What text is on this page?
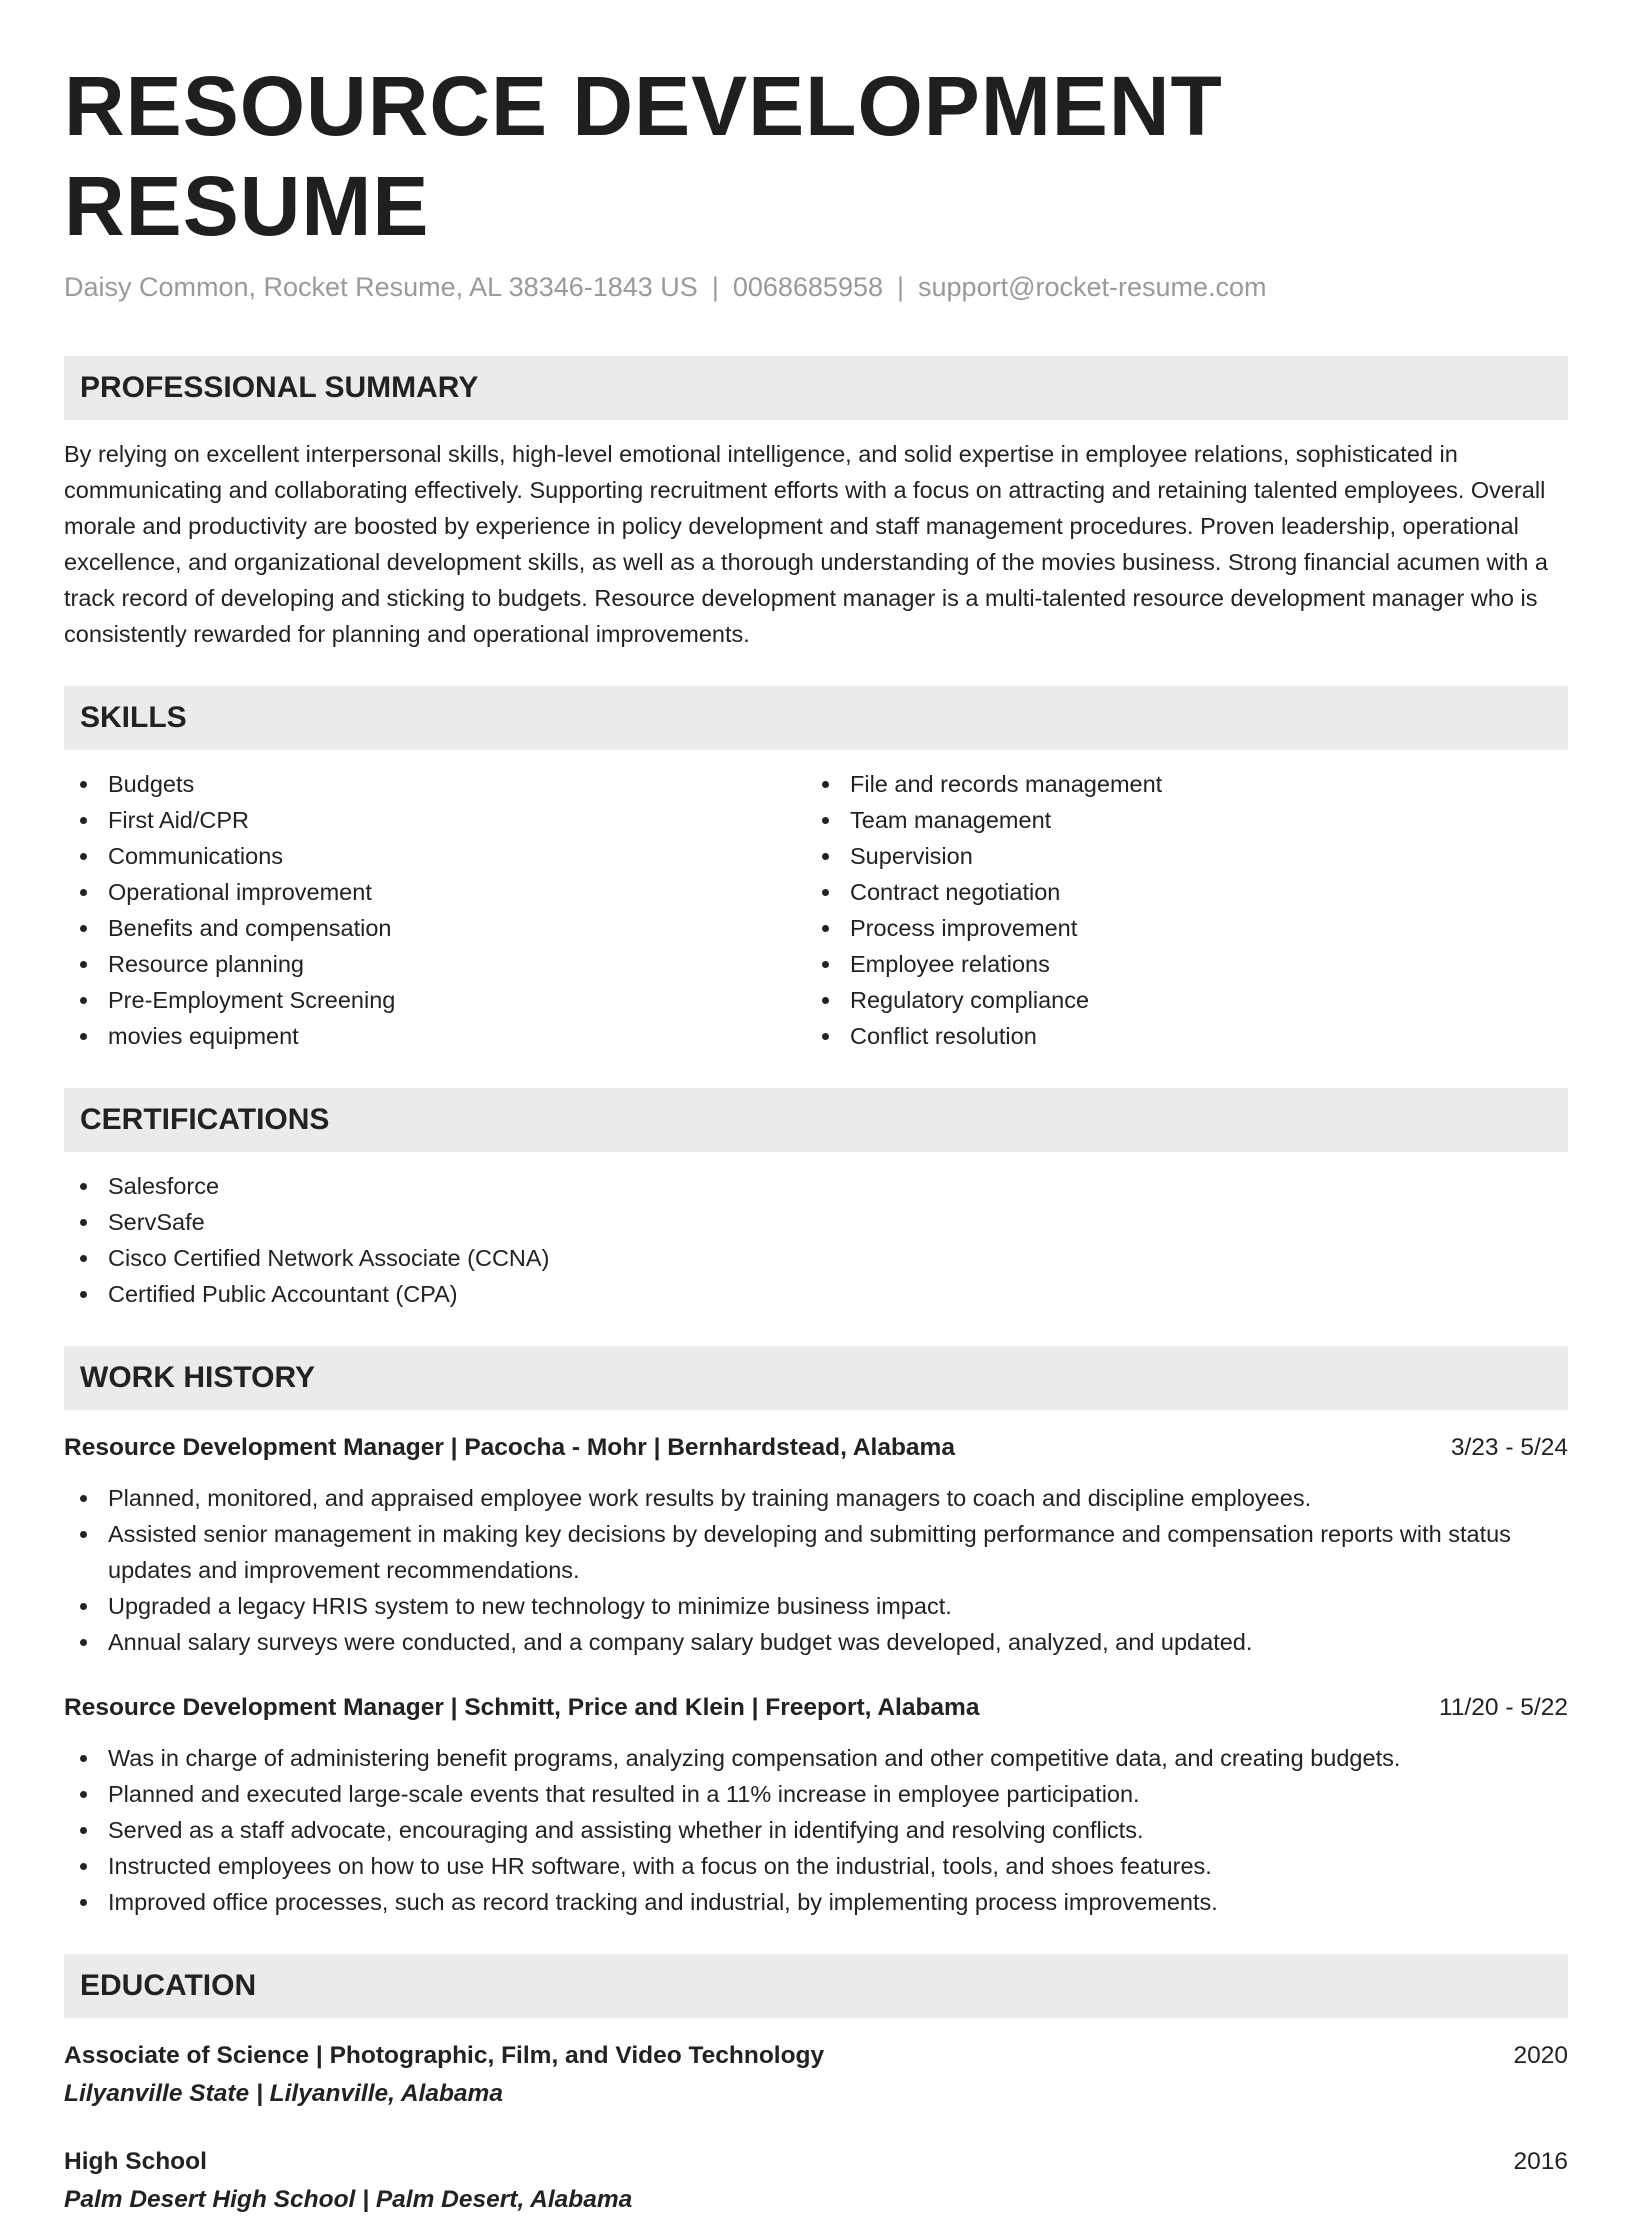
RESOURCE DEVELOPMENT RESUME
Daisy Common, Rocket Resume, AL 38346-1843 US | 0068685958 | support@rocket-resume.com
PROFESSIONAL SUMMARY
By relying on excellent interpersonal skills, high-level emotional intelligence, and solid expertise in employee relations, sophisticated in communicating and collaborating effectively. Supporting recruitment efforts with a focus on attracting and retaining talented employees. Overall morale and productivity are boosted by experience in policy development and staff management procedures. Proven leadership, operational excellence, and organizational development skills, as well as a thorough understanding of the movies business. Strong financial acumen with a track record of developing and sticking to budgets. Resource development manager is a multi-talented resource development manager who is consistently rewarded for planning and operational improvements.
SKILLS
Budgets
First Aid/CPR
Communications
Operational improvement
Benefits and compensation
Resource planning
Pre-Employment Screening
movies equipment
File and records management
Team management
Supervision
Contract negotiation
Process improvement
Employee relations
Regulatory compliance
Conflict resolution
CERTIFICATIONS
Salesforce
ServSafe
Cisco Certified Network Associate (CCNA)
Certified Public Accountant (CPA)
WORK HISTORY
Resource Development Manager | Pacocha - Mohr | Bernhardstead, Alabama	3/23 - 5/24
Planned, monitored, and appraised employee work results by training managers to coach and discipline employees.
Assisted senior management in making key decisions by developing and submitting performance and compensation reports with status updates and improvement recommendations.
Upgraded a legacy HRIS system to new technology to minimize business impact.
Annual salary surveys were conducted, and a company salary budget was developed, analyzed, and updated.
Resource Development Manager | Schmitt, Price and Klein | Freeport, Alabama	11/20 - 5/22
Was in charge of administering benefit programs, analyzing compensation and other competitive data, and creating budgets.
Planned and executed large-scale events that resulted in a 11% increase in employee participation.
Served as a staff advocate, encouraging and assisting whether in identifying and resolving conflicts.
Instructed employees on how to use HR software, with a focus on the industrial, tools, and shoes features.
Improved office processes, such as record tracking and industrial, by implementing process improvements.
EDUCATION
Associate of Science | Photographic, Film, and Video Technology	2020
Lilyanville State | Lilyanville, Alabama
High School	2016
Palm Desert High School | Palm Desert, Alabama
